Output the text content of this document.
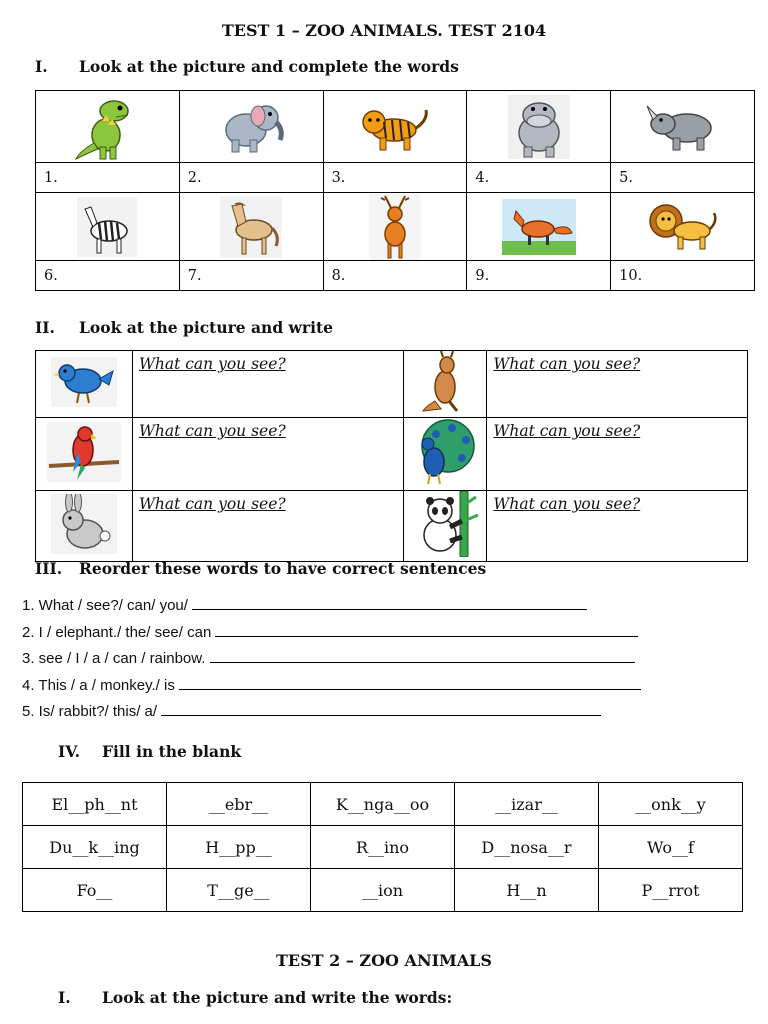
TEST 1 – ZOO ANIMALS. TEST 2104
I. Look at the picture and complete the words

1.	2.	3.	4.	5.

6.	7.	8.	9.	10.
II. Look at the picture and write
	What can you see?		What can you see?
	What can you see?		What can you see?
	What can you see?		What can you see?
III. Reorder these words to have correct sentences
1. What / see?/ can/ you/
2. I / elephant./ the/ see/ can
3. see / I / a / can / rainbow.
4. This / a / monkey./ is
5. Is/ rabbit?/ this/ a/
IV. Fill in the blank
El__ph__nt	__ebr__	K__nga__oo	__izar__	__onk__y
Du__k__ing	H__pp__	R__ino	D__nosa__r	Wo__f
Fo__	T__ge__	__ion	H__n	P__rrot
TEST 2 – ZOO ANIMALS
I. Look at the picture and write the words:
